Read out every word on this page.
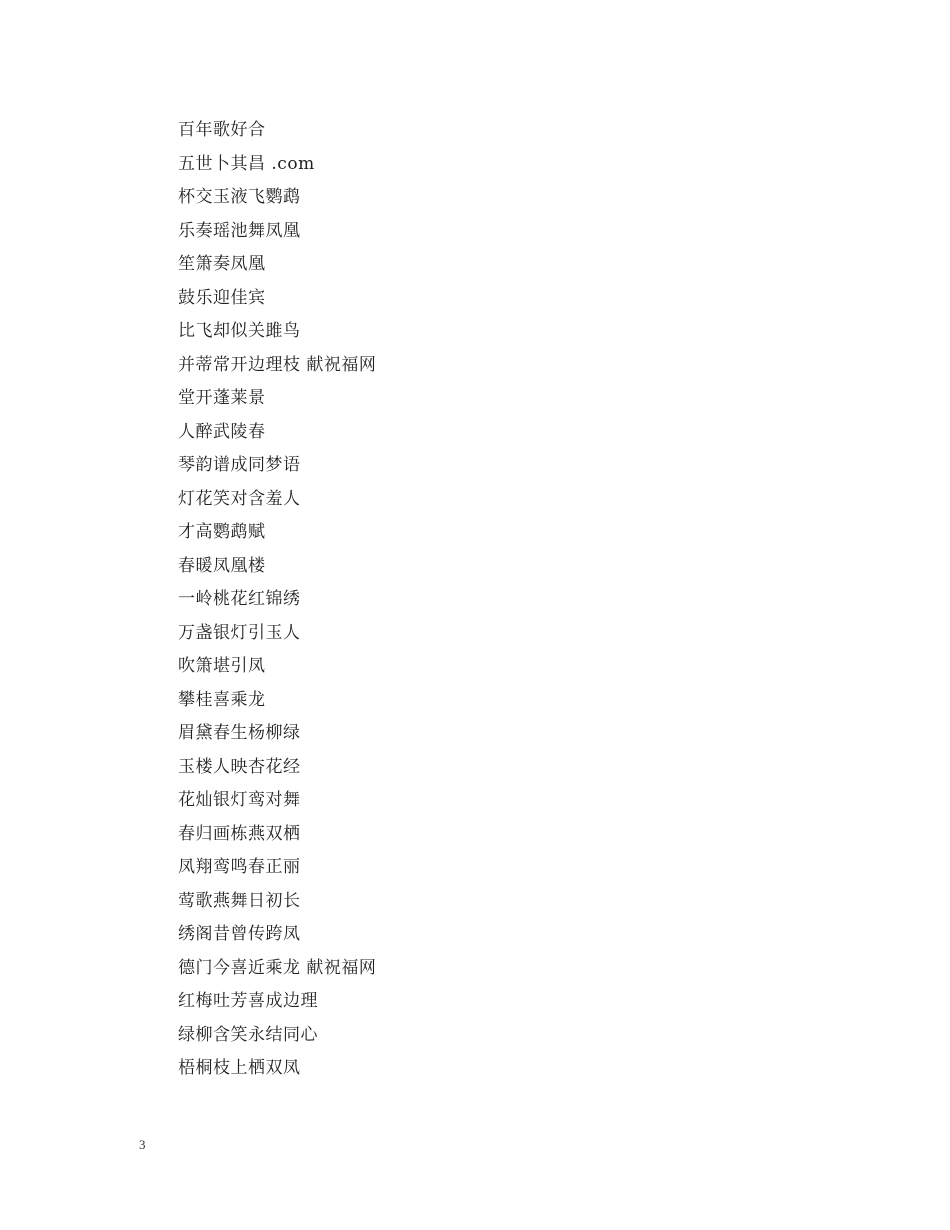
百年歌好合
五世卜其昌 .com
杯交玉液飞鹦鹉
乐奏瑶池舞凤凰
笙箫奏凤凰
鼓乐迎佳宾
比飞却似关雎鸟
并蒂常开边理枝 献祝福网
堂开蓬莱景
人醉武陵春
琴韵谱成同梦语
灯花笑对含羞人
才高鹦鹉赋
春暖凤凰楼
一岭桃花红锦绣
万盏银灯引玉人
吹箫堪引凤
攀桂喜乘龙
眉黛春生杨柳绿
玉楼人映杏花经
花灿银灯鸾对舞
春归画栋燕双栖
凤翔鸾鸣春正丽
莺歌燕舞日初长
绣阁昔曾传跨凤
德门今喜近乘龙 献祝福网
红梅吐芳喜成边理
绿柳含笑永结同心
梧桐枝上栖双凤
3
